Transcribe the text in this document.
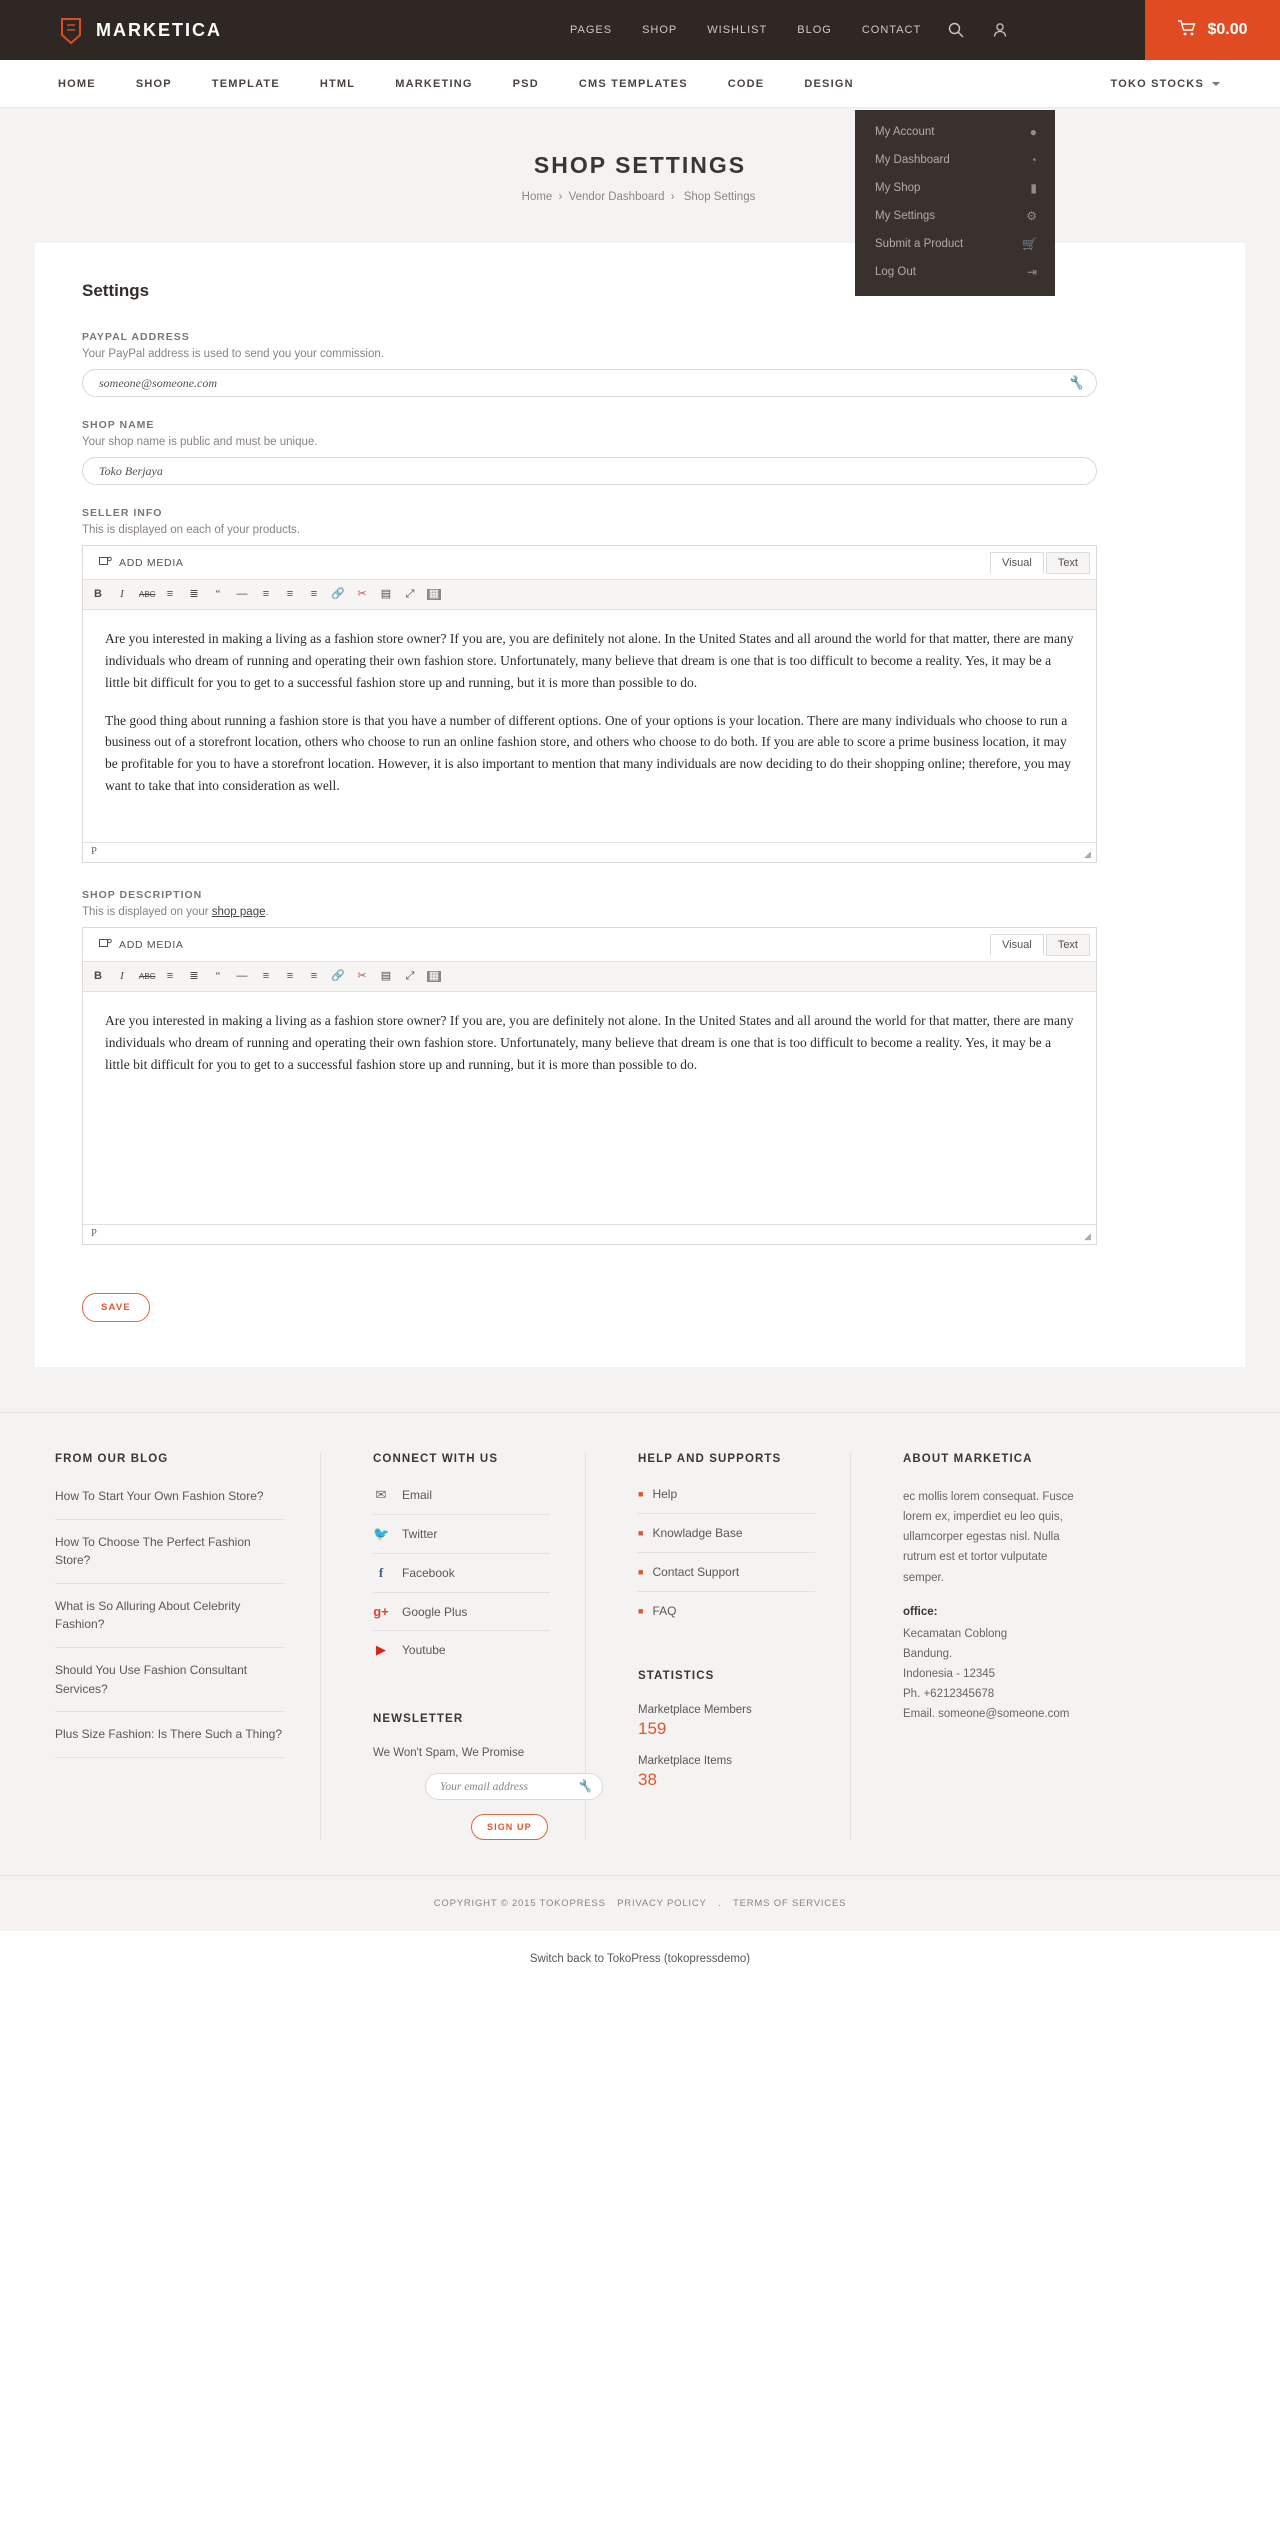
MARKETICA	PAGES	SHOP	WISHLIST	BLOG	CONTACT	$0.00
HOME	SHOP	TEMPLATE	HTML	MARKETING	PSD	CMS TEMPLATES	CODE	DESIGN	TOKO STOCKS
My Account	●
My Dashboard	◔
My Shop	▮
My Settings	⚙
Submit a Product	🛒
Log Out	⇥
SHOP SETTINGS
Home › Vendor Dashboard › Shop Settings
Settings
PAYPAL ADDRESS
Your PayPal address is used to send you your commission.
someone@someone.com	🔧
SHOP NAME
Your shop name is public and must be unique.
Toko Berjaya
SELLER INFO
This is displayed on each of your products.
ADD MEDIA	Visual	Text
B	I	ABC	≡	≣	“	—	≡	≡	≡	🔗 ✂ ▤ ⤢ ▦

Are you interested in making a living as a fashion store owner? If you are, you are definitely not alone. In the United States and all around the world for that matter, there are many individuals who dream of running and operating their own fashion store. Unfortunately, many believe that dream is one that is too difficult to become a reality. Yes, it may be a little bit difficult for you to get to a successful fashion store up and running, but it is more than possible to do.

The good thing about running a fashion store is that you have a number of different options. One of your options is your location. There are many individuals who choose to run a business out of a storefront location, others who choose to run an online fashion store, and others who choose to do both. If you are able to score a prime business location, it may be profitable for you to have a storefront location. However, it is also important to mention that many individuals are now deciding to do their shopping online; therefore, you may want to take that into consideration as well.

P	◢
SHOP DESCRIPTION
This is displayed on your shop page.
ADD MEDIA	Visual	Text
B	I	ABC	≡	≣	“	—	≡	≡	≡	🔗 ✂ ▤ ⤢ ▦

Are you interested in making a living as a fashion store owner? If you are, you are definitely not alone. In the United States and all around the world for that matter, there are many individuals who dream of running and operating their own fashion store. Unfortunately, many believe that dream is one that is too difficult to become a reality. Yes, it may be a little bit difficult for you to get to a successful fashion store up and running, but it is more than possible to do.

P	◢
SAVE
FROM OUR BLOG
How To Start Your Own Fashion Store?
How To Choose The Perfect Fashion Store?
What is So Alluring About Celebrity Fashion?
Should You Use Fashion Consultant Services?
Plus Size Fashion: Is There Such a Thing?
CONNECT WITH US
✉ Email
🐦 Twitter
f	Facebook
g+ Google Plus
▶ Youtube
NEWSLETTER
We Won't Spam, We Promise
Your email address	🔧
SIGN UP
HELP AND SUPPORTS
■ Help
■ Knowladge Base
■ Contact Support
■ FAQ
STATISTICS
Marketplace Members
159
Marketplace Items
38
ABOUT MARKETICA

ec mollis lorem consequat. Fusce lorem ex, imperdiet eu leo quis, ullamcorper egestas nisl. Nulla rutrum est et tortor vulputate semper.

office:
Kecamatan Coblong
Bandung.
Indonesia - 12345
Ph. +6212345678
Email. someone@someone.com
COPYRIGHT © 2015 TOKOPRESS PRIVACY POLICY . TERMS OF SERVICES
Switch back to TokoPress (tokopressdemo)
